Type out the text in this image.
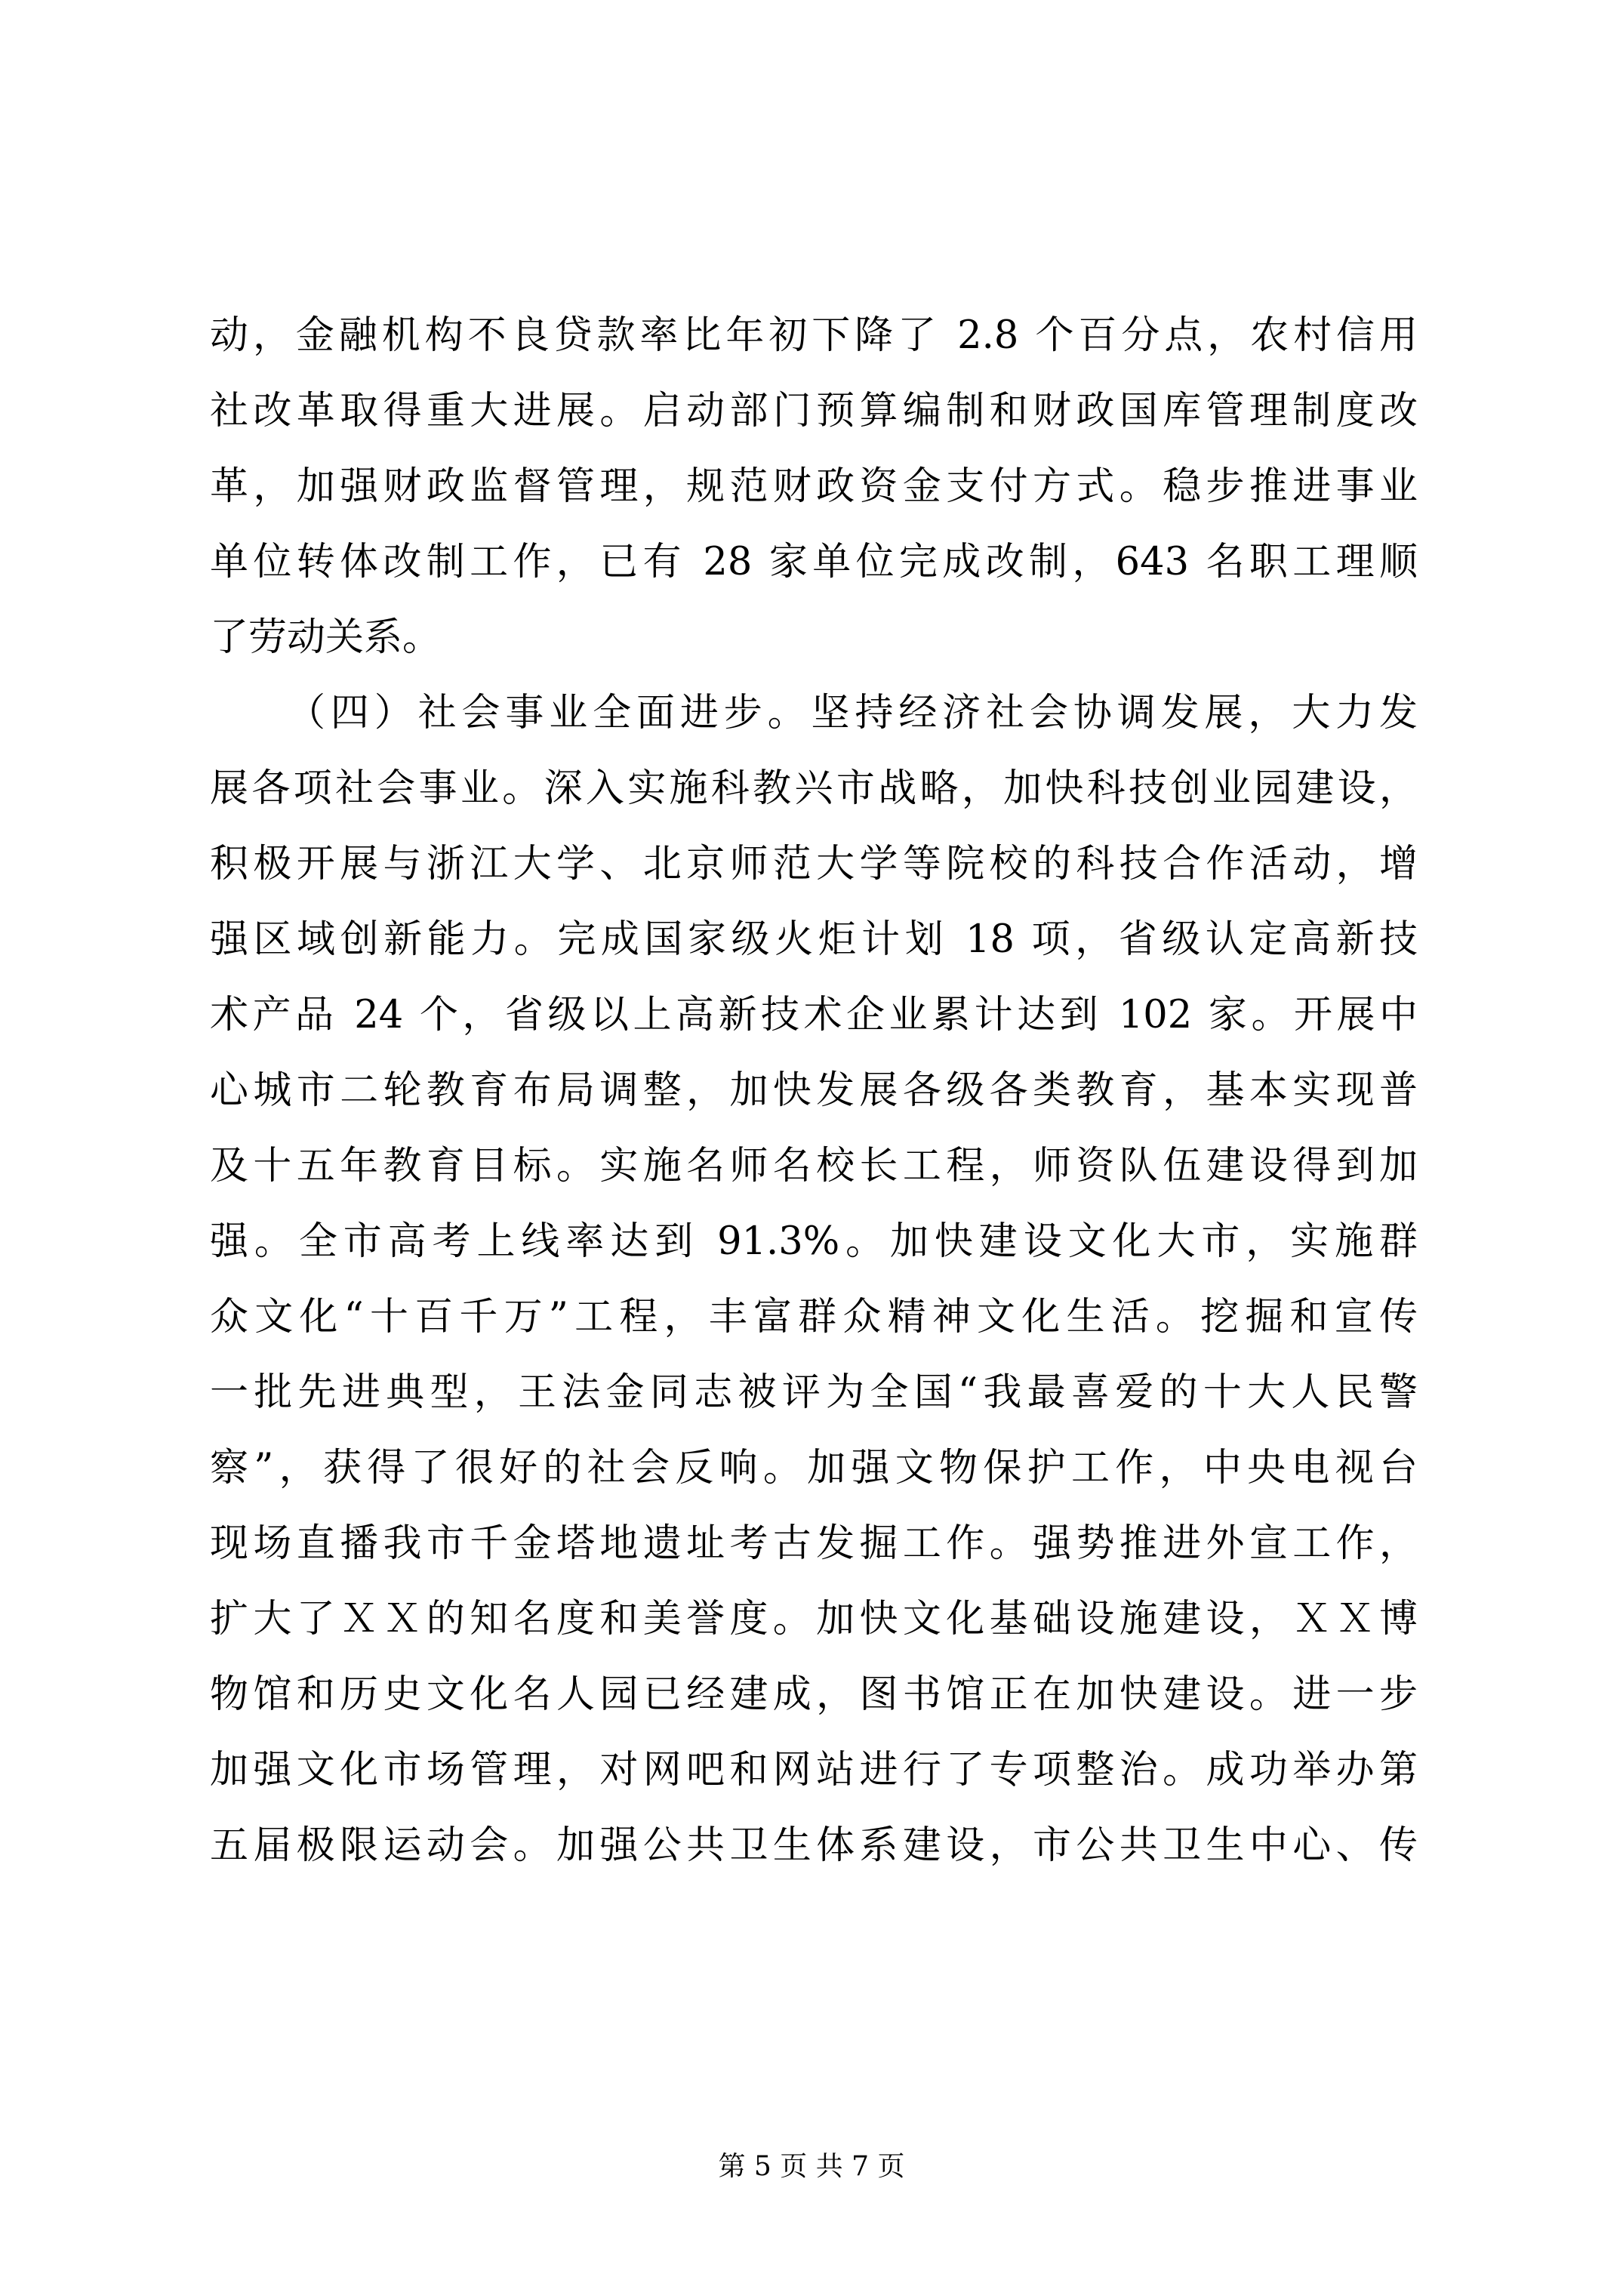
动，金融机构不良贷款率比年初下降了 2.8 个百分点，农村信用
社改革取得重大进展。启动部门预算编制和财政国库管理制度改
革，加强财政监督管理，规范财政资金支付方式。稳步推进事业
单位转体改制工作，已有 28 家单位完成改制，643 名职工理顺
了劳动关系。
（四）社会事业全面进步。坚持经济社会协调发展，大力发
展各项社会事业。深入实施科教兴市战略，加快科技创业园建设，
积极开展与浙江大学、北京师范大学等院校的科技合作活动，增
强区域创新能力。完成国家级火炬计划 18 项，省级认定高新技
术产品 24 个，省级以上高新技术企业累计达到 102 家。开展中
心城市二轮教育布局调整，加快发展各级各类教育，基本实现普
及十五年教育目标。实施名师名校长工程，师资队伍建设得到加
强。全市高考上线率达到 91.3%。加快建设文化大市，实施群
众文化“十百千万”工程，丰富群众精神文化生活。挖掘和宣传
一批先进典型，王法金同志被评为全国“我最喜爱的十大人民警
察”，获得了很好的社会反响。加强文物保护工作，中央电视台
现场直播我市千金塔地遗址考古发掘工作。强势推进外宣工作，
扩大了ＸＸ的知名度和美誉度。加快文化基础设施建设，ＸＸ博
物馆和历史文化名人园已经建成，图书馆正在加快建设。进一步
加强文化市场管理，对网吧和网站进行了专项整治。成功举办第
五届极限运动会。加强公共卫生体系建设，市公共卫生中心、传
第 5 页 共 7 页
